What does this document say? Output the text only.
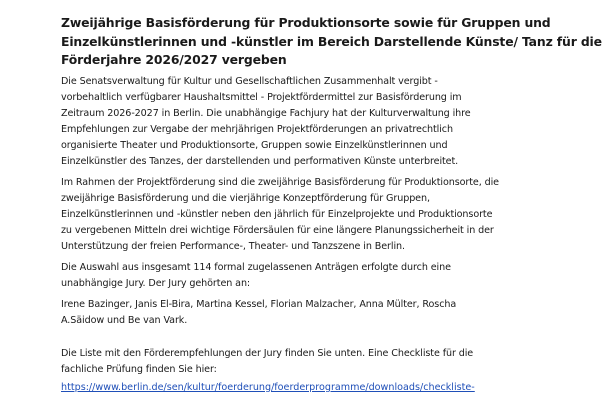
Zweijährige Basisförderung für Produktionsorte sowie für Gruppen und
Einzelkünstlerinnen und -künstler im Bereich Darstellende Künste/ Tanz für die
Förderjahre 2026/2027 vergeben
Die Senatsverwaltung für Kultur und Gesellschaftlichen Zusammenhalt vergibt -
vorbehaltlich verfügbarer Haushaltsmittel - Projektfördermittel zur Basisförderung im
Zeitraum 2026-2027 in Berlin. Die unabhängige Fachjury hat der Kulturverwaltung ihre
Empfehlungen zur Vergabe der mehrjährigen Projektförderungen an privatrechtlich
organisierte Theater und Produktionsorte, Gruppen sowie Einzelkünstlerinnen und
Einzelkünstler des Tanzes, der darstellenden und performativen Künste unterbreitet.
Im Rahmen der Projektförderung sind die zweijährige Basisförderung für Produktionsorte, die
zweijährige Basisförderung und die vierjährige Konzeptförderung für Gruppen,
Einzelkünstlerinnen und -künstler neben den jährlich für Einzelprojekte und Produktionsorte
zu vergebenen Mitteln drei wichtige Fördersäulen für eine längere Planungssicherheit in der
Unterstützung der freien Performance-, Theater- und Tanzszene in Berlin.
Die Auswahl aus insgesamt 114 formal zugelassenen Anträgen erfolgte durch eine
unabhängige Jury. Der Jury gehörten an:
Irene Bazinger, Janis El-Bira, Martina Kessel, Florian Malzacher, Anna Mülter, Roscha
A.Säidow und Be van Vark.
Die Liste mit den Förderempfehlungen der Jury finden Sie unten. Eine Checkliste für die
fachliche Prüfung finden Sie hier:
https://www.berlin.de/sen/kultur/foerderung/foerderprogramme/downloads/checkliste-
